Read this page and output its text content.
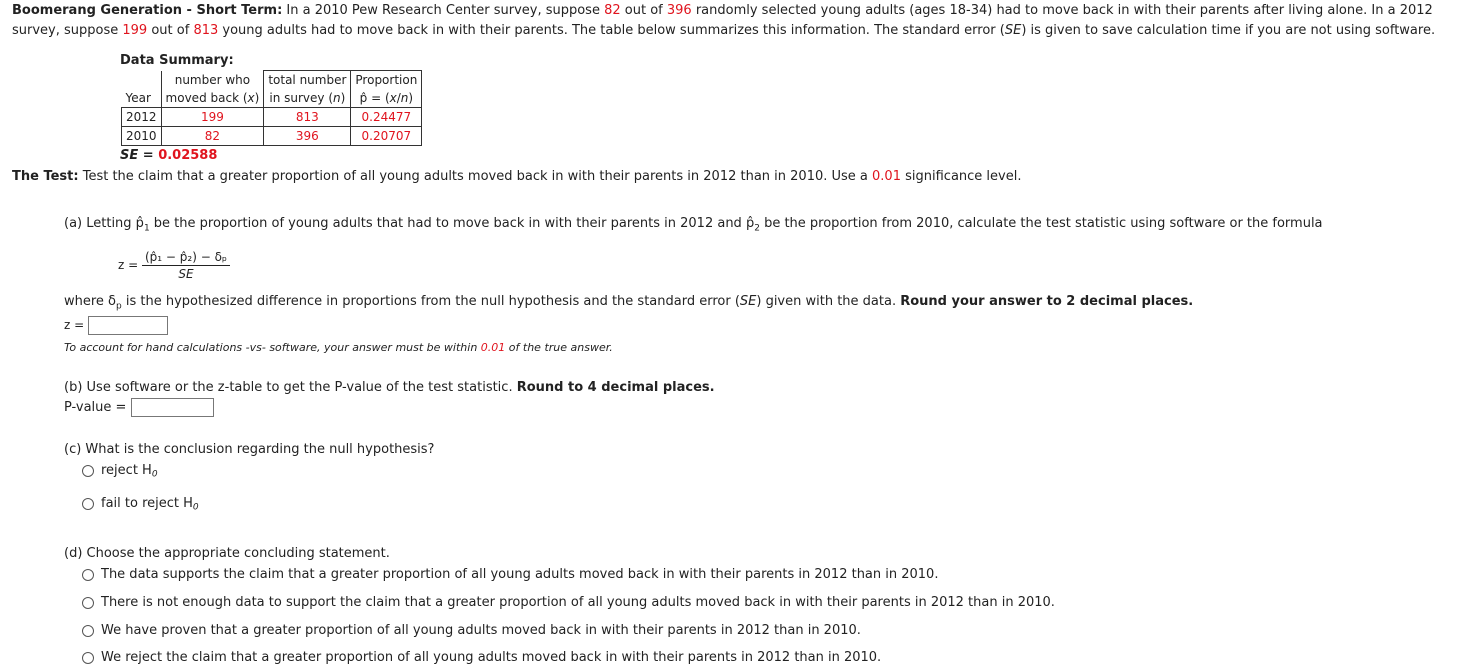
Boomerang Generation - Short Term: In a 2010 Pew Research Center survey, suppose 82 out of 396 randomly selected young adults (ages 18-34) had to move back in with their parents after living alone. In a 2012 survey, suppose 199 out of 813 young adults had to move back in with their parents. The table below summarizes this information. The standard error (SE) is given to save calculation time if you are not using software.
Data Summary:
	number who	total number	Proportion
Year	moved back (x)	in survey (n)	p̂ = (x/n)
2012	199	813	0.24477
2010	82	396	0.20707
SE = 0.02588
The Test: Test the claim that a greater proportion of all young adults moved back in with their parents in 2012 than in 2010. Use a 0.01 significance level.
(a) Letting $p̂_1$ be the proportion of young adults that had to move back in with their parents in 2012 and $p̂_2$ be the proportion from 2010, calculate the test statistic using software or the formula
$z = \frac{\text{(p̂₁ − p̂₂) − δₚ}}{SE}$
where $\delta_p$ is the hypothesized difference in proportions from the null hypothesis and the standard error (SE) given with the data. Round your answer to 2 decimal places.
z =
To account for hand calculations -vs- software, your answer must be within 0.01 of the true answer.
(b) Use software or the z-table to get the P-value of the test statistic. Round to 4 decimal places.
P-value =
(c) What is the conclusion regarding the null hypothesis?
reject H $_0$
fail to reject H $_0$
(d) Choose the appropriate concluding statement.
The data supports the claim that a greater proportion of all young adults moved back in with their parents in 2012 than in 2010.
There is not enough data to support the claim that a greater proportion of all young adults moved back in with their parents in 2012 than in 2010.
We have proven that a greater proportion of all young adults moved back in with their parents in 2012 than in 2010.
We reject the claim that a greater proportion of all young adults moved back in with their parents in 2012 than in 2010.
